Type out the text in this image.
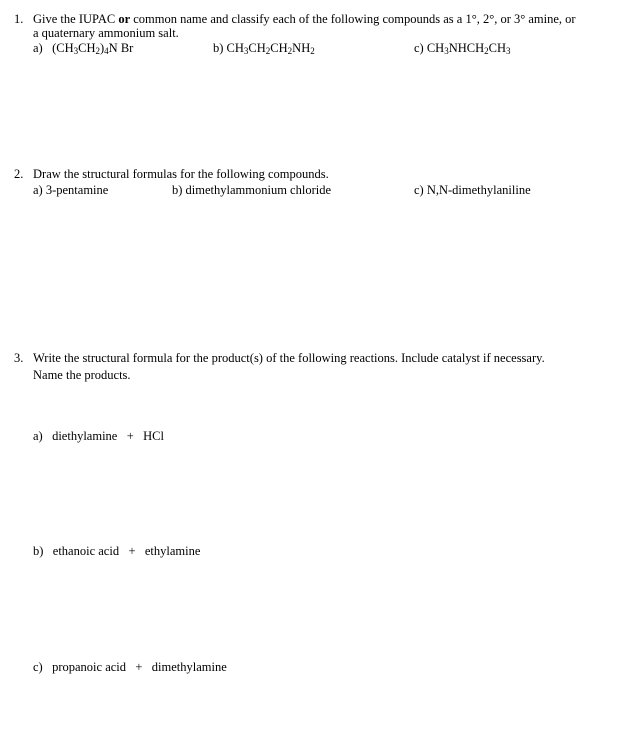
1. Give the IUPAC or common name and classify each of the following compounds as a 1°, 2°, or 3° amine, or
a quaternary ammonium salt.
a) $(CH_3CH_2)_4N$ Br	b) $CH_3CH_2CH_2NH_2$	c) $CH_3NHCH_2CH_3$
2. Draw the structural formulas for the following compounds.
a) 3-pentamine	b) dimethylammonium chloride	c) N,N-dimethylaniline
3. Write the structural formula for the product(s) of the following reactions. Include catalyst if necessary.
Name the products.
a)   diethylamine   +   HCl
b)   ethanoic acid   +   ethylamine
c)   propanoic acid   +   dimethylamine
